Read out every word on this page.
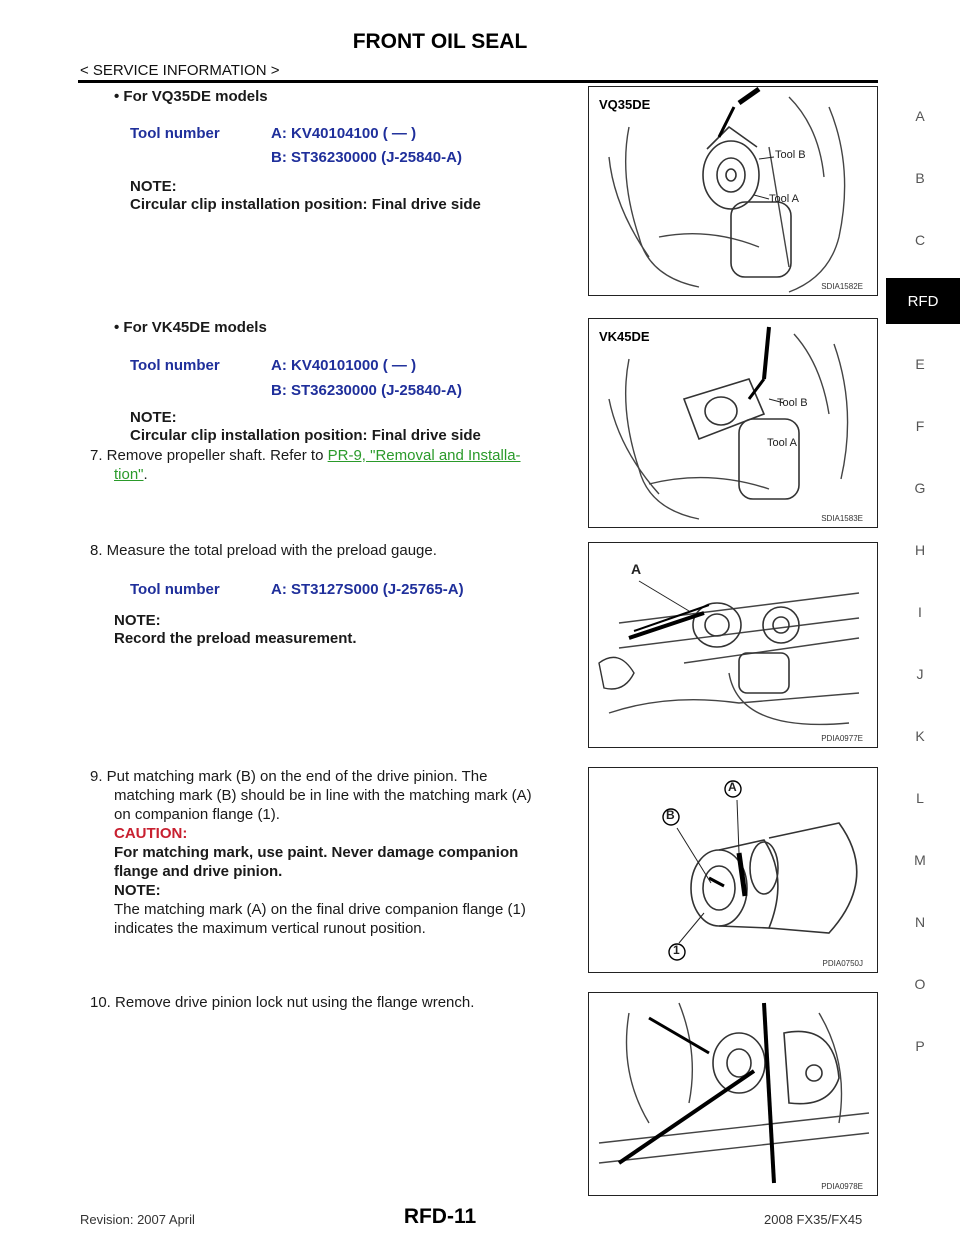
FRONT OIL SEAL
< SERVICE INFORMATION >
• For VQ35DE models
Tool number	A: KV40104100 ( — )
B: ST36230000 (J-25840-A)
NOTE:
Circular clip installation position: Final drive side
• For VK45DE models
Tool number	A: KV40101000 ( — )
B: ST36230000 (J-25840-A)
NOTE:
Circular clip installation position: Final drive side
7. Remove propeller shaft. Refer to PR-9, "Removal and Installa-
tion".
8. Measure the total preload with the preload gauge.
Tool number	A: ST3127S000 (J-25765-A)
NOTE:
Record the preload measurement.
9. Put matching mark (B) on the end of the drive pinion. The
matching mark (B) should be in line with the matching mark (A)
on companion flange (1).
CAUTION:
For matching mark, use paint. Never damage companion
flange and drive pinion.
NOTE:
The matching mark (A) on the final drive companion flange (1)
indicates the maximum vertical runout position.
10. Remove drive pinion lock nut using the flange wrench.
VQ35DE
Tool B
Tool A
SDIA1582E
VK45DE
Tool B
Tool A
SDIA1583E
A
PDIA0977E
B
A
1
PDIA0750J
PDIA0978E
A
B
C
RFD
E
F
G
H
I
J
K
L
M
N
O
P
Revision: 2007 April	RFD-11	2008 FX35/FX45
